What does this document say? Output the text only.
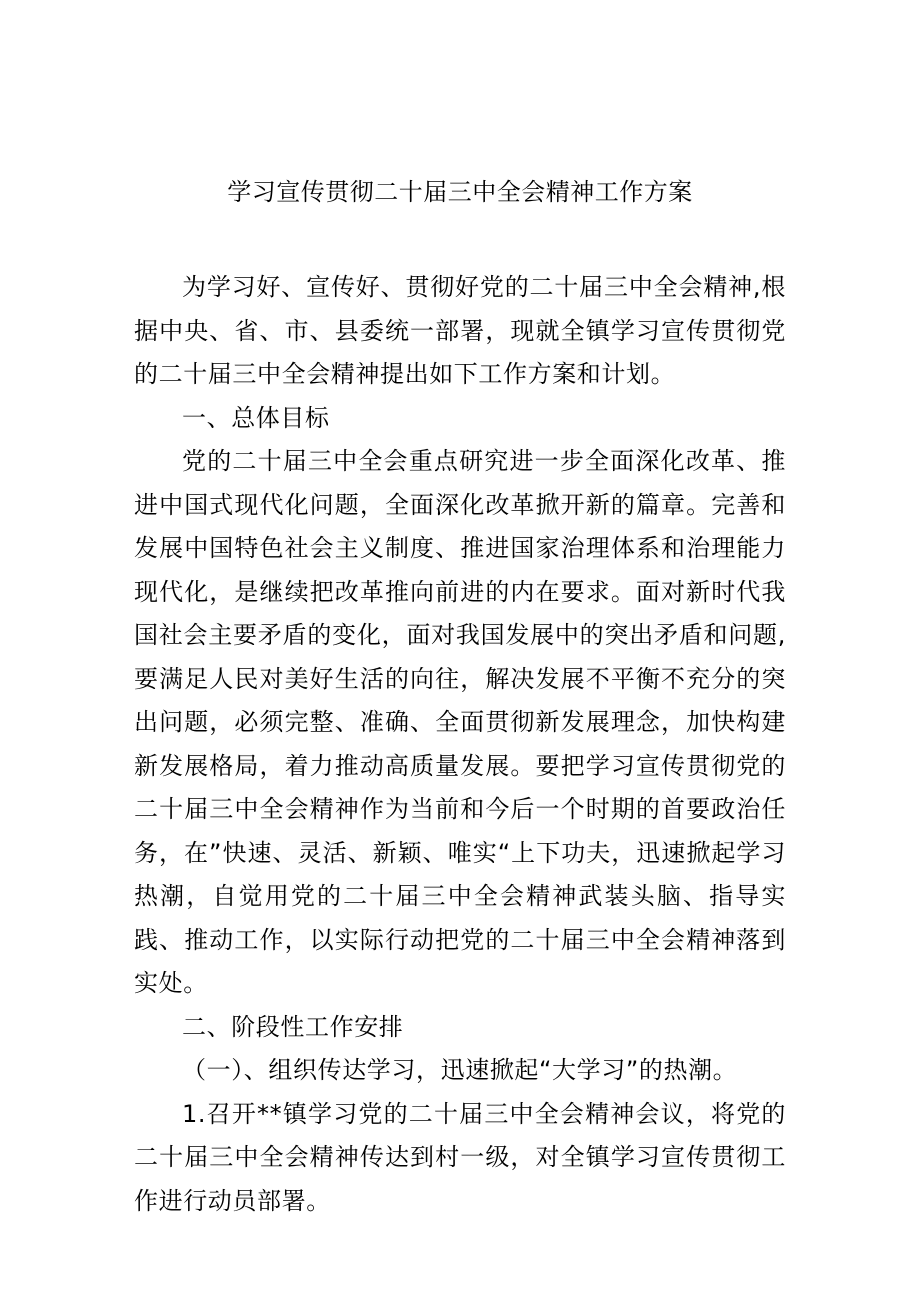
学习宣传贯彻二十届三中全会精神工作方案

为学习好、宣传好、贯彻好党的二十届三中全会精神,根据中央、省、市、县委统一部署，现就全镇学习宣传贯彻党的二十届三中全会精神提出如下工作方案和计划。

一、总体目标

党的二十届三中全会重点研究进一步全面深化改革、推进中国式现代化问题，全面深化改革掀开新的篇章。完善和发展中国特色社会主义制度、推进国家治理体系和治理能力现代化，是继续把改革推向前进的内在要求。面对新时代我国社会主要矛盾的变化，面对我国发展中的突出矛盾和问题,要满足人民对美好生活的向往，解决发展不平衡不充分的突出问题，必须完整、准确、全面贯彻新发展理念，加快构建新发展格局，着力推动高质量发展。要把学习宣传贯彻党的二十届三中全会精神作为当前和今后一个时期的首要政治任务，在”快速、灵活、新颖、唯实“上下功夫，迅速掀起学习热潮，自觉用党的二十届三中全会精神武装头脑、指导实践、推动工作，以实际行动把党的二十届三中全会精神落到实处。

二、阶段性工作安排

（一）、组织传达学习，迅速掀起“大学习”的热潮。

1.召开**镇学习党的二十届三中全会精神会议，将党的二十届三中全会精神传达到村一级，对全镇学习宣传贯彻工作进行动员部署。
